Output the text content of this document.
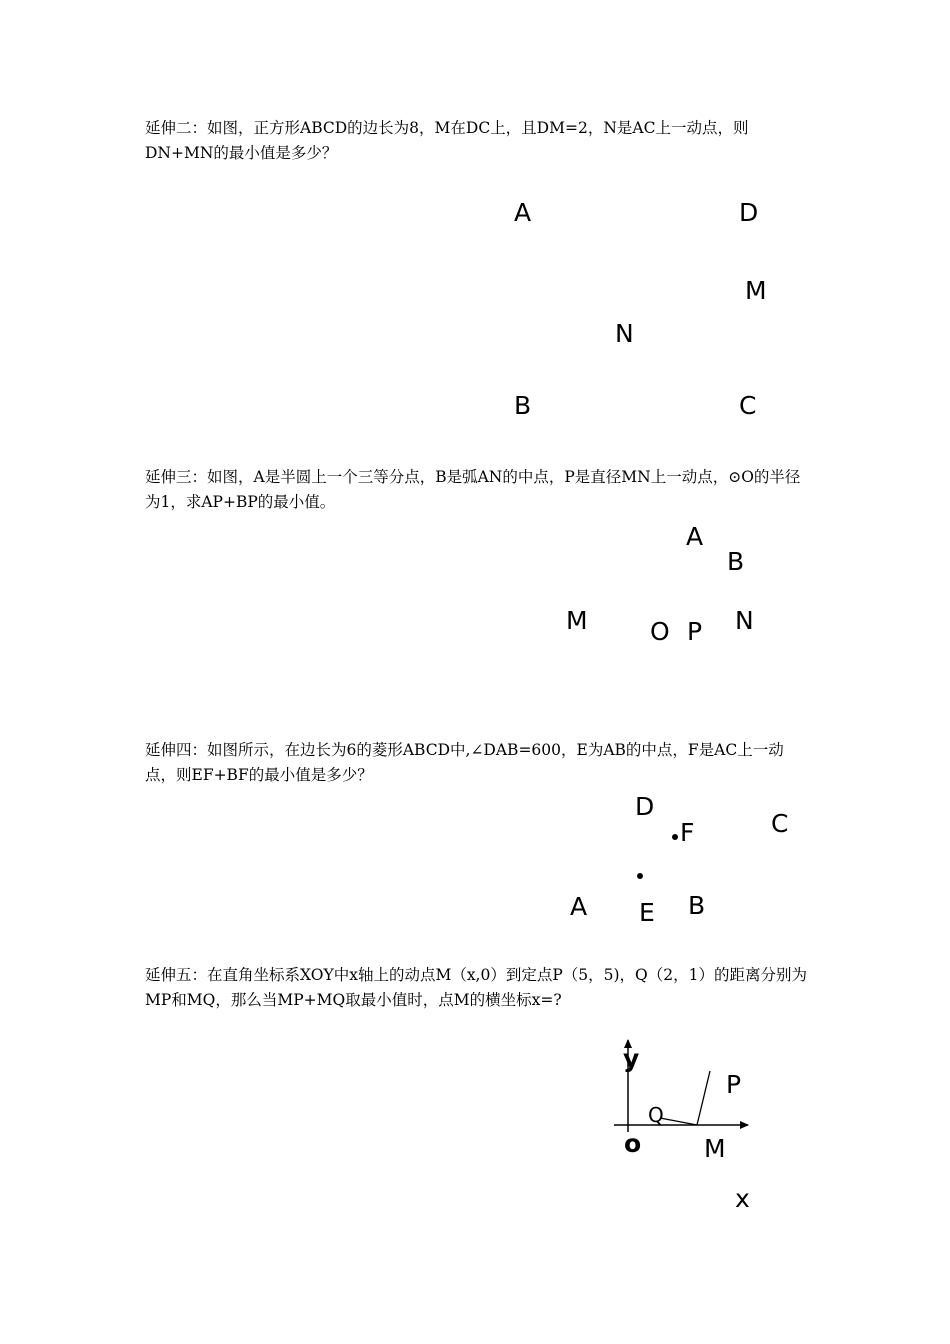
延伸二：如图，正方形ABCD的边长为8，M在DC上，且DM=2，N是AC上一动点，则DN+MN的最小值是多少？

A	D
M
N
B	C

延伸三：如图，A是半圆上一个三等分点，B是弧AN的中点，P是直径MN上一动点，⊙O的半径为1，求AP+BP的最小值。

A
B
M O P N

延伸四：如图所示，在边长为6的菱形ABCD中,∠DAB=600，E为AB的中点，F是AC上一动点，则EF+BF的最小值是多少？

D
F	C
A E B

延伸五：在直角坐标系XOY中x轴上的动点M（x,0）到定点P（5，5)，Q（2，1）的距离分别为MP和MQ，那么当MP+MQ取最小值时，点M的横坐标x=?

y
P
Q
o	M
x
